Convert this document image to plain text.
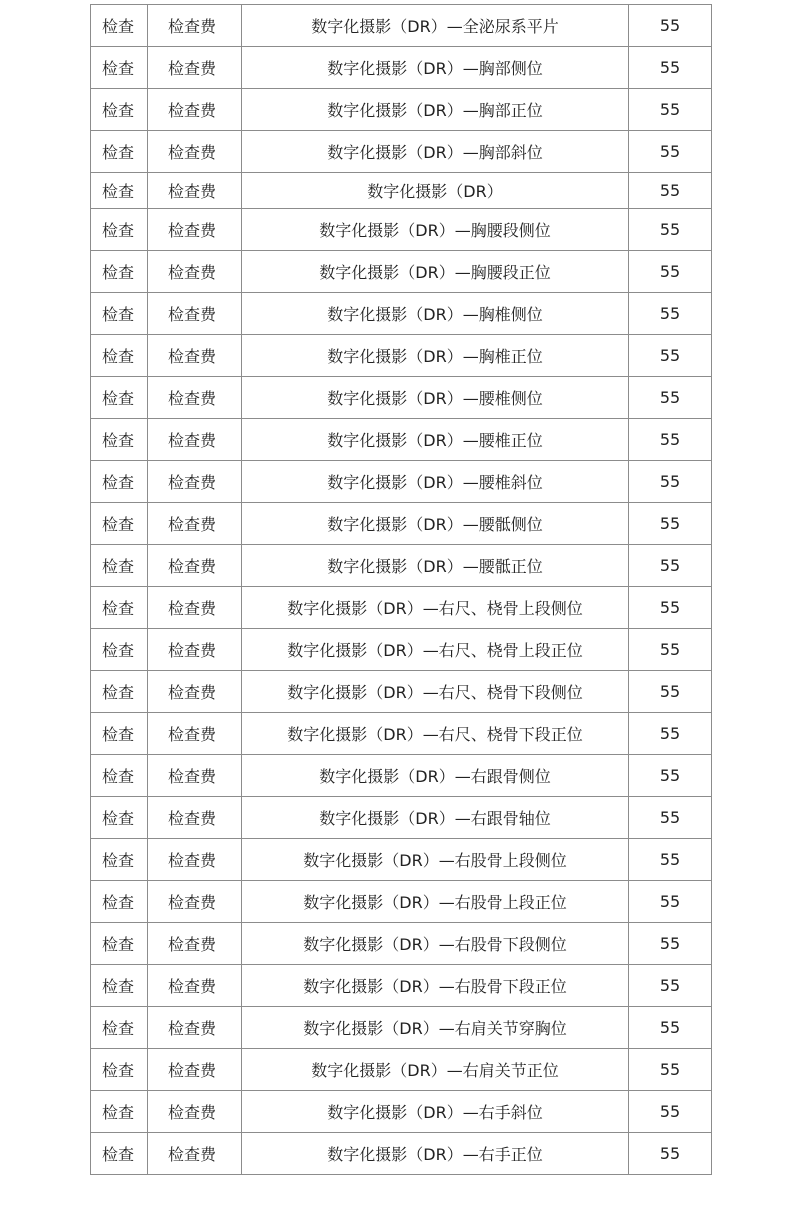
检查	检查费	数字化摄影（DR）—全泌尿系平片	55
检查	检查费	数字化摄影（DR）—胸部侧位	55
检查	检查费	数字化摄影（DR）—胸部正位	55
检查	检查费	数字化摄影（DR）—胸部斜位	55
检查	检查费	数字化摄影（DR）	55
检查	检查费	数字化摄影（DR）—胸腰段侧位	55
检查	检查费	数字化摄影（DR）—胸腰段正位	55
检查	检查费	数字化摄影（DR）—胸椎侧位	55
检查	检查费	数字化摄影（DR）—胸椎正位	55
检查	检查费	数字化摄影（DR）—腰椎侧位	55
检查	检查费	数字化摄影（DR）—腰椎正位	55
检查	检查费	数字化摄影（DR）—腰椎斜位	55
检查	检查费	数字化摄影（DR）—腰骶侧位	55
检查	检查费	数字化摄影（DR）—腰骶正位	55
检查	检查费	数字化摄影（DR）—右尺、桡骨上段侧位	55
检查	检查费	数字化摄影（DR）—右尺、桡骨上段正位	55
检查	检查费	数字化摄影（DR）—右尺、桡骨下段侧位	55
检查	检查费	数字化摄影（DR）—右尺、桡骨下段正位	55
检查	检查费	数字化摄影（DR）—右跟骨侧位	55
检查	检查费	数字化摄影（DR）—右跟骨轴位	55
检查	检查费	数字化摄影（DR）—右股骨上段侧位	55
检查	检查费	数字化摄影（DR）—右股骨上段正位	55
检查	检查费	数字化摄影（DR）—右股骨下段侧位	55
检查	检查费	数字化摄影（DR）—右股骨下段正位	55
检查	检查费	数字化摄影（DR）—右肩关节穿胸位	55
检查	检查费	数字化摄影（DR）—右肩关节正位	55
检查	检查费	数字化摄影（DR）—右手斜位	55
检查	检查费	数字化摄影（DR）—右手正位	55
